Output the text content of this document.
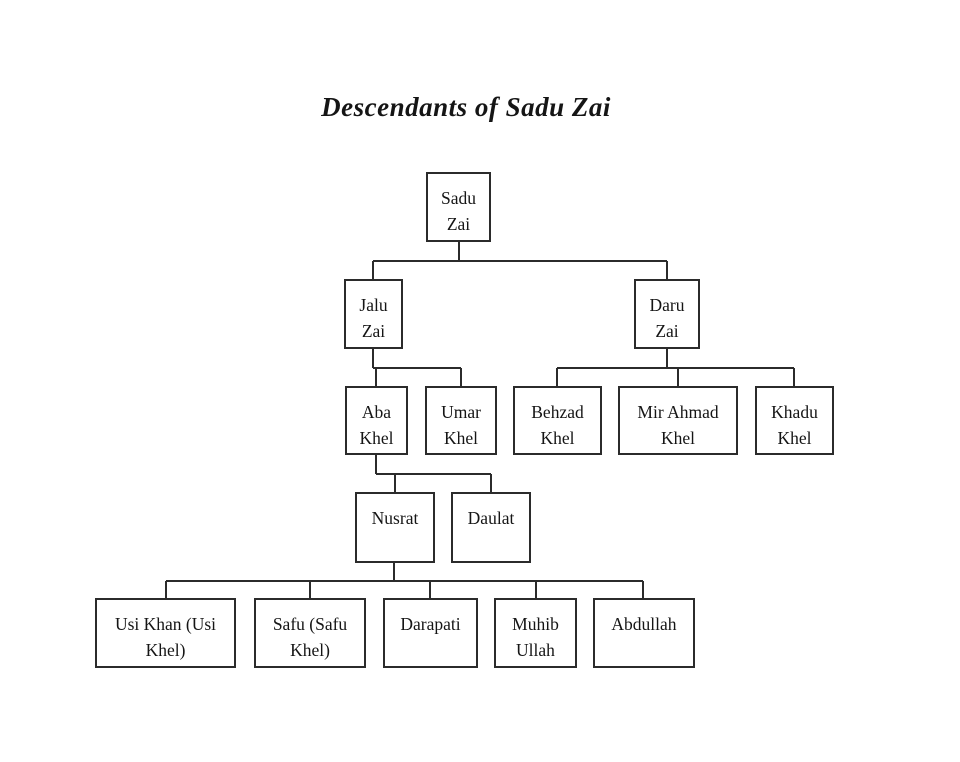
Descendants of Sadu Zai
Sadu Zai
Jalu Zai
Daru Zai
Aba Khel
Umar Khel
Behzad Khel
Mir Ahmad Khel
Khadu Khel
Nusrat	Daulat
Usi Khan (Usi Khel)
Safu (Safu Khel)
Darapati	Muhib Ullah
Abdullah
